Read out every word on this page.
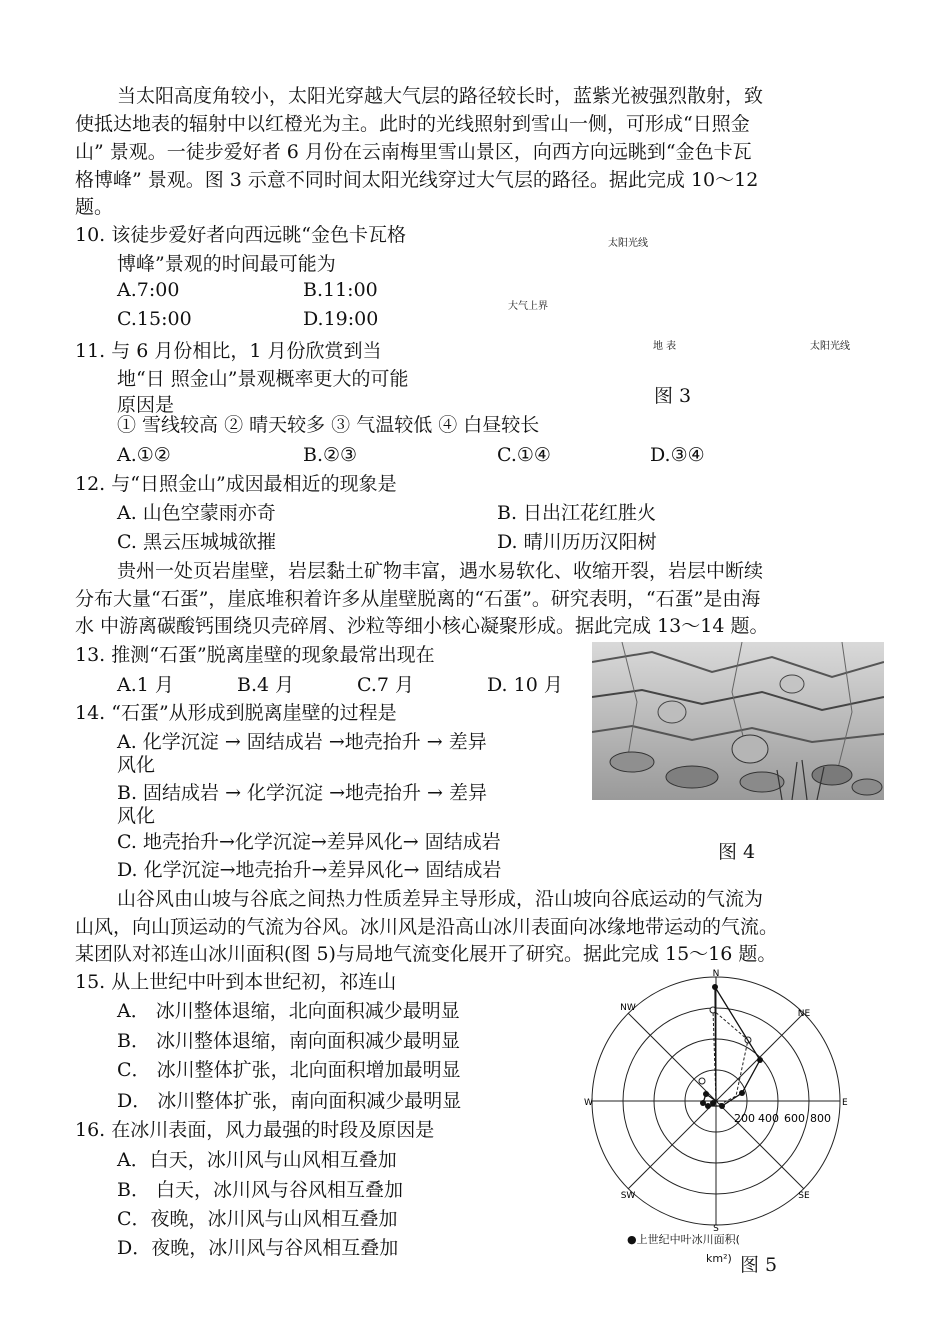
当太阳高度角较小，太阳光穿越大气层的路径较长时，蓝紫光被强烈散射，致
使抵达地表的辐射中以红橙光为主。此时的光线照射到雪山一侧，可形成“日照金
山” 景观。一徒步爱好者 6 月份在云南梅里雪山景区，向西方向远眺到“金色卡瓦
格博峰” 景观。图 3 示意不同时间太阳光线穿过大气层的路径。据此完成 10～12
题。
10. 该徒步爱好者向西远眺“金色卡瓦格
博峰”景观的时间最可能为
A.7:00	B.11:00
C.15:00	D.19:00
太阳光线
大气上界
地 表	太阳光线
图 3
11. 与 6 月份相比，1 月份欣赏到当
地“日 照金山”景观概率更大的可能
原因是
① 雪线较高 ② 晴天较多 ③ 气温较低 ④ 白昼较长
A.①②	B.②③	C.①④	D.③④
12. 与“日照金山”成因最相近的现象是
A. 山色空蒙雨亦奇	B. 日出江花红胜火
C. 黑云压城城欲摧	D. 晴川历历汉阳树
贵州一处页岩崖壁，岩层黏土矿物丰富，遇水易软化、收缩开裂，岩层中断续
分布大量“石蛋”，崖底堆积着许多从崖壁脱离的“石蛋”。研究表明，“石蛋”是由海
水 中游离碳酸钙围绕贝壳碎屑、沙粒等细小核心凝聚形成。据此完成 13～14 题。
13. 推测“石蛋”脱离崖壁的现象最常出现在
A.1 月	B.4 月	C.7 月	D. 10 月
图 4
14. “石蛋”从形成到脱离崖壁的过程是
A. 化学沉淀 → 固结成岩 →地壳抬升 → 差异
风化
B. 固结成岩 → 化学沉淀 →地壳抬升 → 差异
风化
C. 地壳抬升→化学沉淀→差异风化→ 固结成岩
D. 化学沉淀→地壳抬升→差异风化→ 固结成岩
山谷风由山坡与谷底之间热力性质差异主导形成，沿山坡向谷底运动的气流为
山风，向山顶运动的气流为谷风。冰川风是沿高山冰川表面向冰缘地带运动的气流。
某团队对祁连山冰川面积(图 5)与局地气流变化展开了研究。据此完成 15～16 题。
15. 从上世纪中叶到本世纪初，祁连山
A． 冰川整体退缩，北向面积减少最明显
B． 冰川整体退缩，南向面积减少最明显
C． 冰川整体扩张，北向面积增加最明显
D． 冰川整体扩张，南向面积减少最明显
16. 在冰川表面，风力最强的时段及原因是
A．白天，冰川风与山风相互叠加
B． 白天，冰川风与谷风相互叠加
C．夜晚，冰川风与山风相互叠加
D．夜晚，冰川风与谷风相互叠加
N
NE
E
SE
S
SW
W
NW
200 400 600 800
●上世纪中叶冰川面积(
km²) 图 5
